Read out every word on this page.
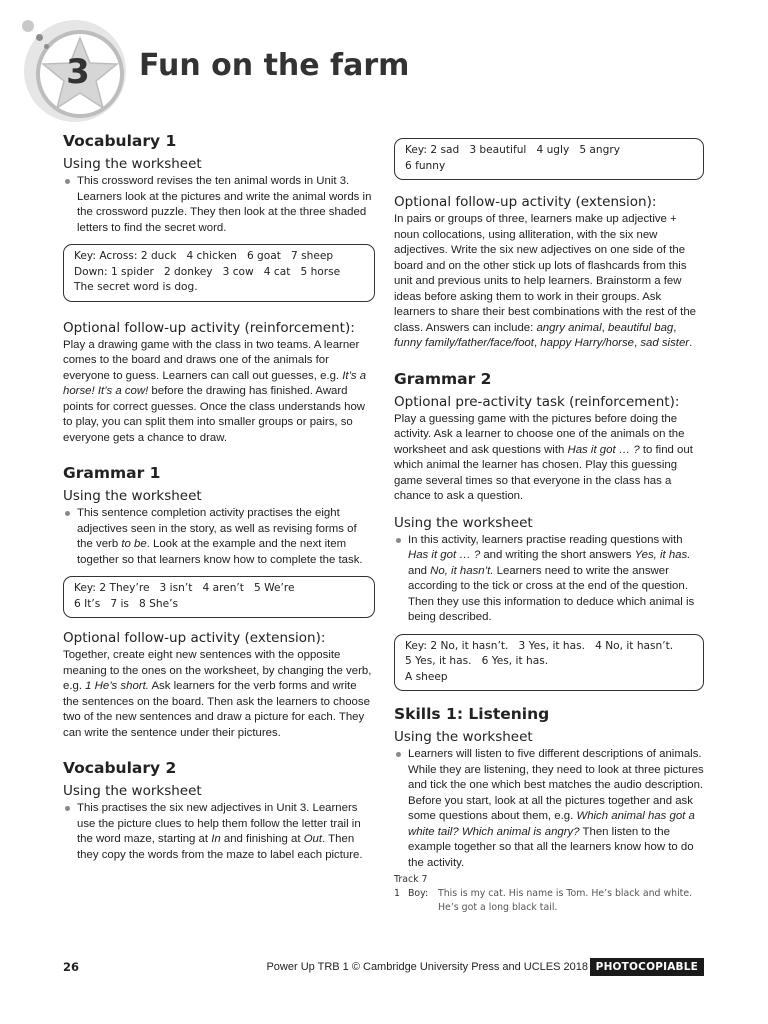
3	Fun on the farm
Vocabulary 1
Using the worksheet

This crossword revises the ten animal words in Unit 3. Learners look at the pictures and write the animal words in the crossword puzzle. They then look at the three shaded letters to find the secret word.

Key: Across: 2 duck   4 chicken   6 goat   7 sheep
Down: 1 spider   2 donkey   3 cow   4 cat   5 horse
The secret word is dog.
Optional follow-up activity (reinforcement):

Play a drawing game with the class in two teams. A learner comes to the board and draws one of the animals for everyone to guess. Learners can call out guesses, e.g. It’s a horse! It’s a cow! before the drawing has finished. Award points for correct guesses. Once the class understands how to play, you can split them into smaller groups or pairs, so everyone gets a chance to draw.

Grammar 1
Using the worksheet

This sentence completion activity practises the eight adjectives seen in the story, as well as revising forms of the verb to be. Look at the example and the next item together so that learners know how to complete the task.

Key: 2 They’re   3 isn’t   4 aren’t   5 We’re
6 It’s   7 is   8 She’s
Optional follow-up activity (extension):

Together, create eight new sentences with the opposite meaning to the ones on the worksheet, by changing the verb, e.g. 1 He’s short. Ask learners for the verb forms and write the sentences on the board. Then ask the learners to choose two of the new sentences and draw a picture for each. They can write the sentence under their pictures.

Vocabulary 2
Using the worksheet

This practises the six new adjectives in Unit 3. Learners use the picture clues to help them follow the letter trail in the word maze, starting at In and finishing at Out. Then they copy the words from the maze to label each picture.

Key: 2 sad   3 beautiful   4 ugly   5 angry
6 funny
Optional follow-up activity (extension):

In pairs or groups of three, learners make up adjective + noun collocations, using alliteration, with the six new adjectives. Write the six new adjectives on one side of the board and on the other stick up lots of flashcards from this unit and previous units to help learners. Brainstorm a few ideas before asking them to work in their groups. Ask learners to share their best combinations with the rest of the class. Answers can include: angry animal, beautiful bag, funny family/father/face/foot, happy Harry/horse, sad sister.

Grammar 2
Optional pre-activity task (reinforcement):

Play a guessing game with the pictures before doing the activity. Ask a learner to choose one of the animals on the worksheet and ask questions with Has it got … ? to find out which animal the learner has chosen. Play this guessing game several times so that everyone in the class has a chance to ask a question.

Using the worksheet

In this activity, learners practise reading questions with Has it got … ? and writing the short answers Yes, it has. and No, it hasn’t. Learners need to write the answer according to the tick or cross at the end of the question. Then they use this information to deduce which animal is being described.

Key: 2 No, it hasn’t.   3 Yes, it has.   4 No, it hasn’t.
5 Yes, it has.   6 Yes, it has.
A sheep
Skills 1: Listening
Using the worksheet

Learners will listen to five different descriptions of animals. While they are listening, they need to look at three pictures and tick the one which best matches the audio description. Before you start, look at all the pictures together and ask some questions about them, e.g. Which animal has got a white tail? Which animal is angry? Then listen to the example together so that all the learners know how to do the activity.

Track 7
1 Boy:	This is my cat. His name is Tom. He’s black and white. He’s got a long black tail.
26	Power Up TRB 1 © Cambridge University Press and UCLES 2018 PHOTOCOPIABLE
